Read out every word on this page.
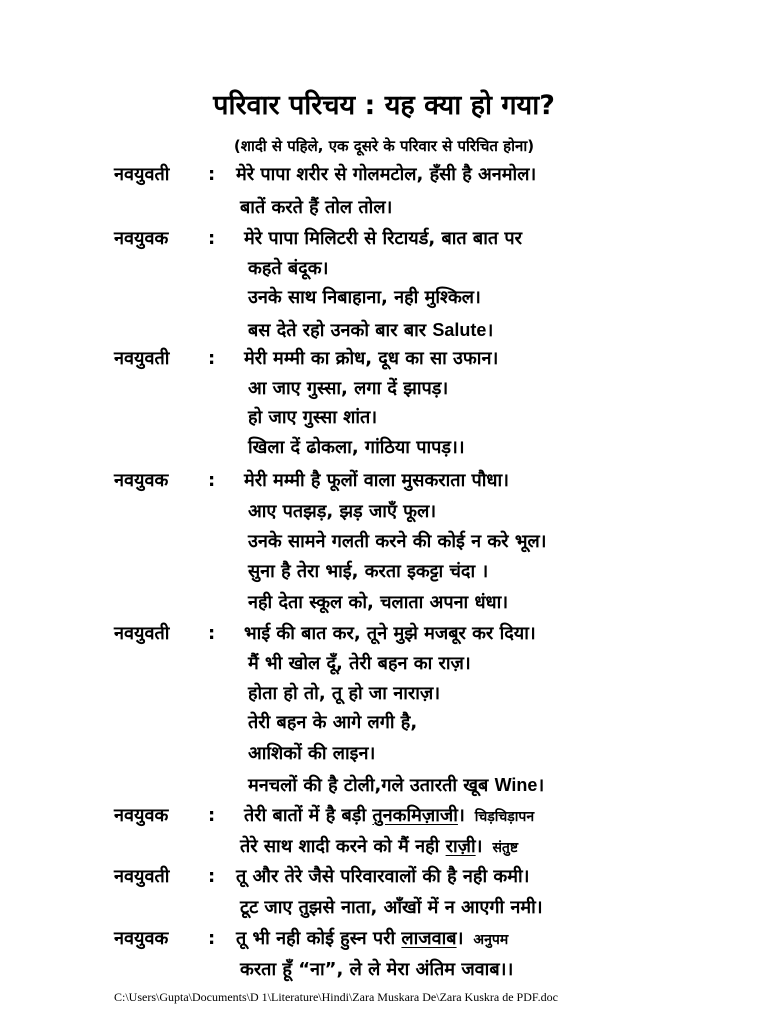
परिवार परिचय : यह क्या हो गया?
(शादी से पहिले, एक दूसरे के परिवार से परिचित होना)
नवयुवती : मेरे पापा शरीर से गोलमटोल, हँसी है अनमोल।
बातें करते हैं तोल तोल।
नवयुवक : मेरे पापा मिलिटरी से रिटायर्ड, बात बात पर
कहते बंदूक।
उनके साथ निबाहाना, नही मुश्किल।
बस देते रहो उनको बार बार Salute।
नवयुवती : मेरी मम्मी का क्रोध, दूध का सा उफान।
आ जाए गुस्सा, लगा दें झापड़।
हो जाए गुस्सा शांत।
खिला दें ढोकला, गांठिया पापड़।।
नवयुवक : मेरी मम्मी है फूलों वाला मुसकराता पौधा।
आए पतझड़, झड़ जाएँ फूल।
उनके सामने गलती करने की कोई न करे भूल।
सुना है तेरा भाई, करता इकट्टा चंदा ।
नही देता स्कूल को, चलाता अपना धंधा।
नवयुवती : भाई की बात कर, तूने मुझे मजबूर कर दिया।
मैं भी खोल दूँ, तेरी बहन का राज़।
होता हो तो, तू हो जा नाराज़।
तेरी बहन के आगे लगी है,
आशिकों की लाइन।
मनचलों की है टोली,गले उतारती खूब Wine।
नवयुवक : तेरी बातों में है बड़ी तुनकमिज़ाजी। चिड़चिड़ापन
तेरे साथ शादी करने को मैं नही राज़ी। संतुष्ट
नवयुवती : तू और तेरे जैसे परिवारवालों की है नही कमी।
टूट जाए तुझसे नाता, आँखों में न आएगी नमी।
नवयुवक : तू भी नही कोई हुस्न परी लाजवाब। अनुपम
करता हूँ “ना”, ले ले मेरा अंतिम जवाब।।
C:\Users\Gupta\Documents\D 1\Literature\Hindi\Zara Muskara De\Zara Kuskra de PDF.doc
